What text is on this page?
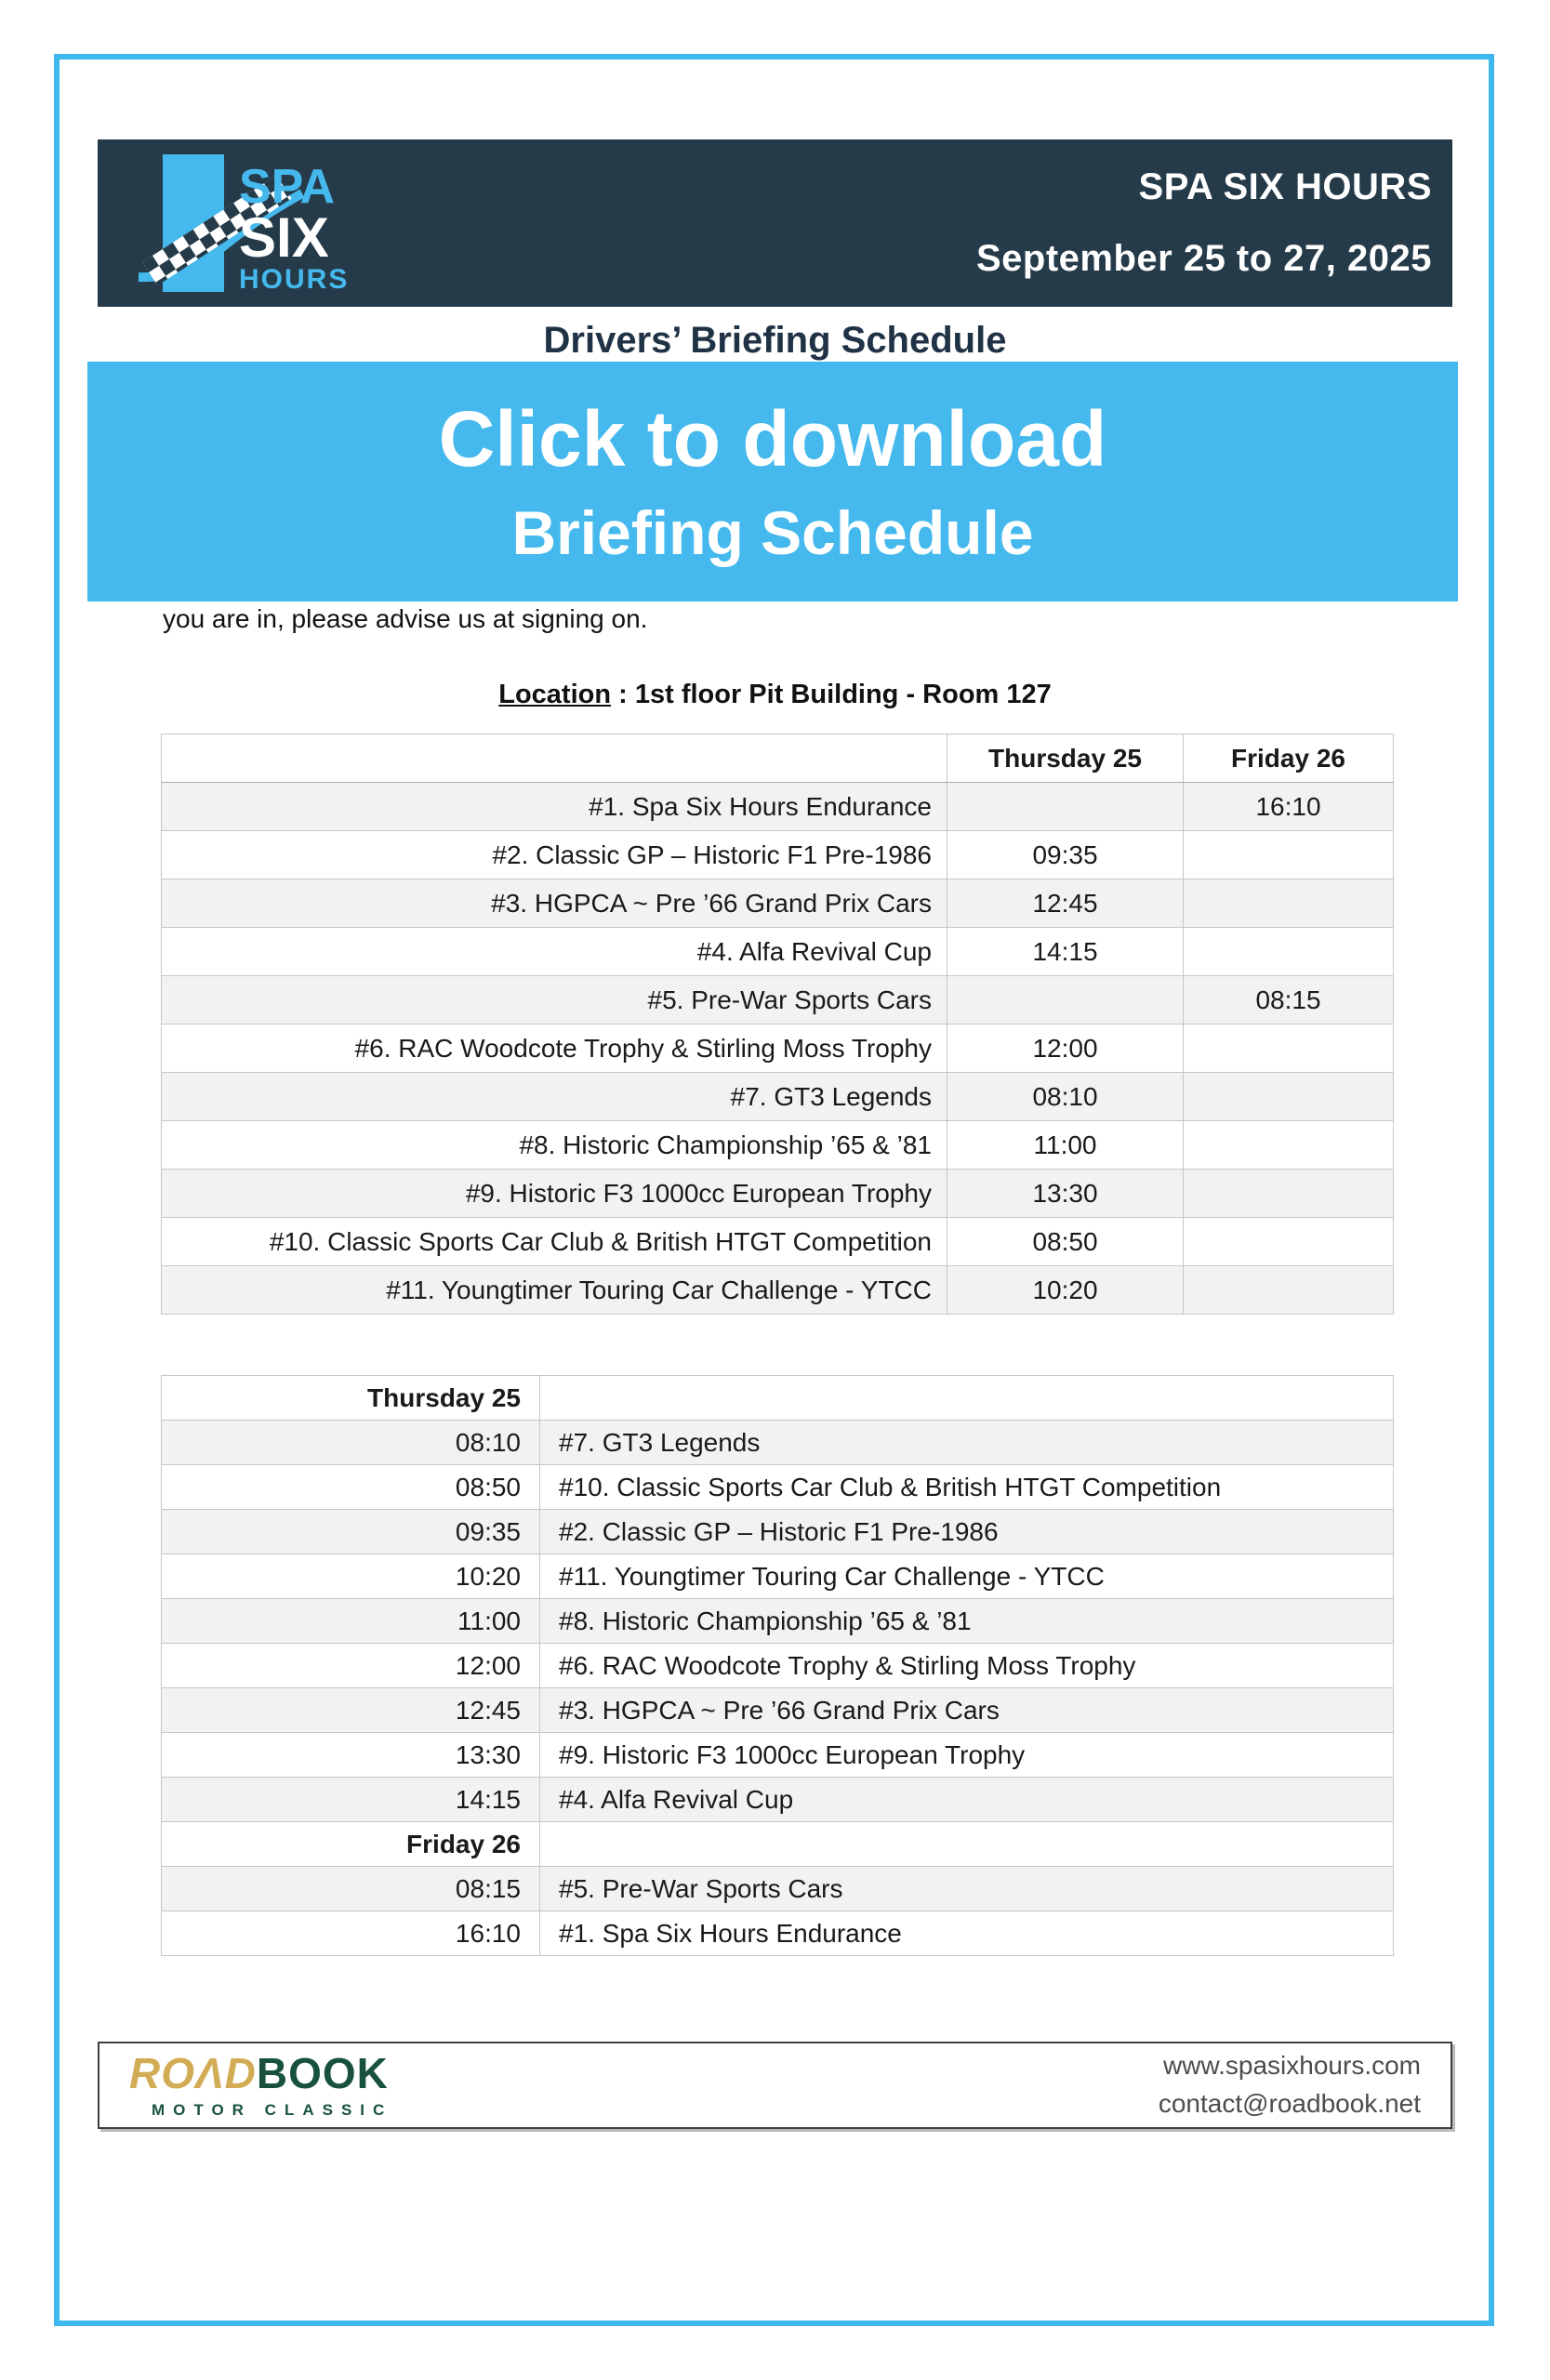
SPA
SIX
HOURS
SPA SIX HOURS
September 25 to 27, 2025
Drivers’ Briefing Schedule
Click to download
Briefing Schedule

you are in, please advise us at signing on.

Location : 1st floor Pit Building - Room 127

	Thursday 25	Friday 26
#1. Spa Six Hours Endurance		16:10
#2. Classic GP – Historic F1 Pre-1986	09:35	
#3. HGPCA ~ Pre ’66 Grand Prix Cars	12:45	
#4. Alfa Revival Cup	14:15	
#5. Pre-War Sports Cars		08:15
#6. RAC Woodcote Trophy & Stirling Moss Trophy	12:00	
#7. GT3 Legends	08:10	
#8. Historic Championship ’65 & ’81	11:00	
#9. Historic F3 1000cc European Trophy	13:30	
#10. Classic Sports Car Club & British HTGT Competition	08:50	
#11. Youngtimer Touring Car Challenge - YTCC	10:20	
Thursday 25	
08:10	#7. GT3 Legends
08:50	#10. Classic Sports Car Club & British HTGT Competition
09:35	#2. Classic GP – Historic F1 Pre-1986
10:20	#11. Youngtimer Touring Car Challenge - YTCC
11:00	#8. Historic Championship ’65 & ’81
12:00	#6. RAC Woodcote Trophy & Stirling Moss Trophy
12:45	#3. HGPCA ~ Pre ’66 Grand Prix Cars
13:30	#9. Historic F3 1000cc European Trophy
14:15	#4. Alfa Revival Cup
Friday 26	
08:15	#5. Pre-War Sports Cars
16:10	#1. Spa Six Hours Endurance
ROΛDBOOK
MOTOR CLASSIC
www.spasixhours.com
contact@roadbook.net
